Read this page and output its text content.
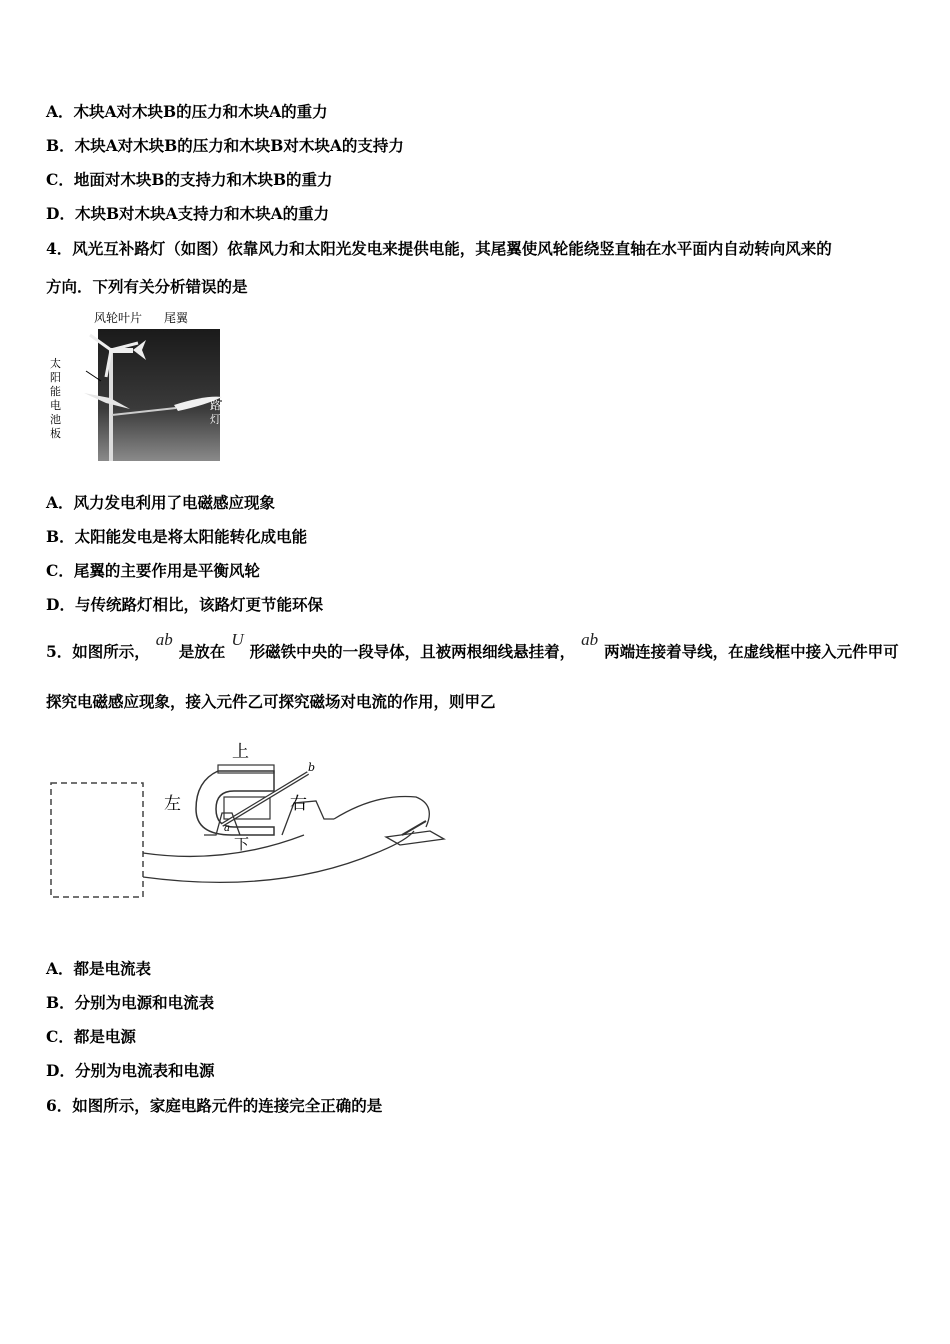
A．木块A对木块B的压力和木块A的重力
B．木块A对木块B的压力和木块B对木块A的支持力
C．地面对木块B的支持力和木块B的重力
D．木块B对木块A支持力和木块A的重力
4．风光互补路灯（如图）依靠风力和太阳光发电来提供电能，其尾翼使风轮能绕竖直轴在水平面内自动转向风来的
方向．下列有关分析错误的是
风轮叶片 尾翼
太
阳
能
电
池
板
路
灯
A．风力发电利用了电磁感应现象
B．太阳能发电是将太阳能转化成电能
C．尾翼的主要作用是平衡风轮
D．与传统路灯相比，该路灯更节能环保
5．如图所示，ab是放在U形磁铁中央的一段导体，且被两根细线悬挂着，ab两端连接着导线，在虚线框中接入元件甲可
探究电磁感应现象，接入元件乙可探究磁场对电流的作用，则甲乙
上
下
左	右
a
b
A．都是电流表
B．分别为电源和电流表
C．都是电源
D．分别为电流表和电源
6．如图所示，家庭电路元件的连接完全正确的是
